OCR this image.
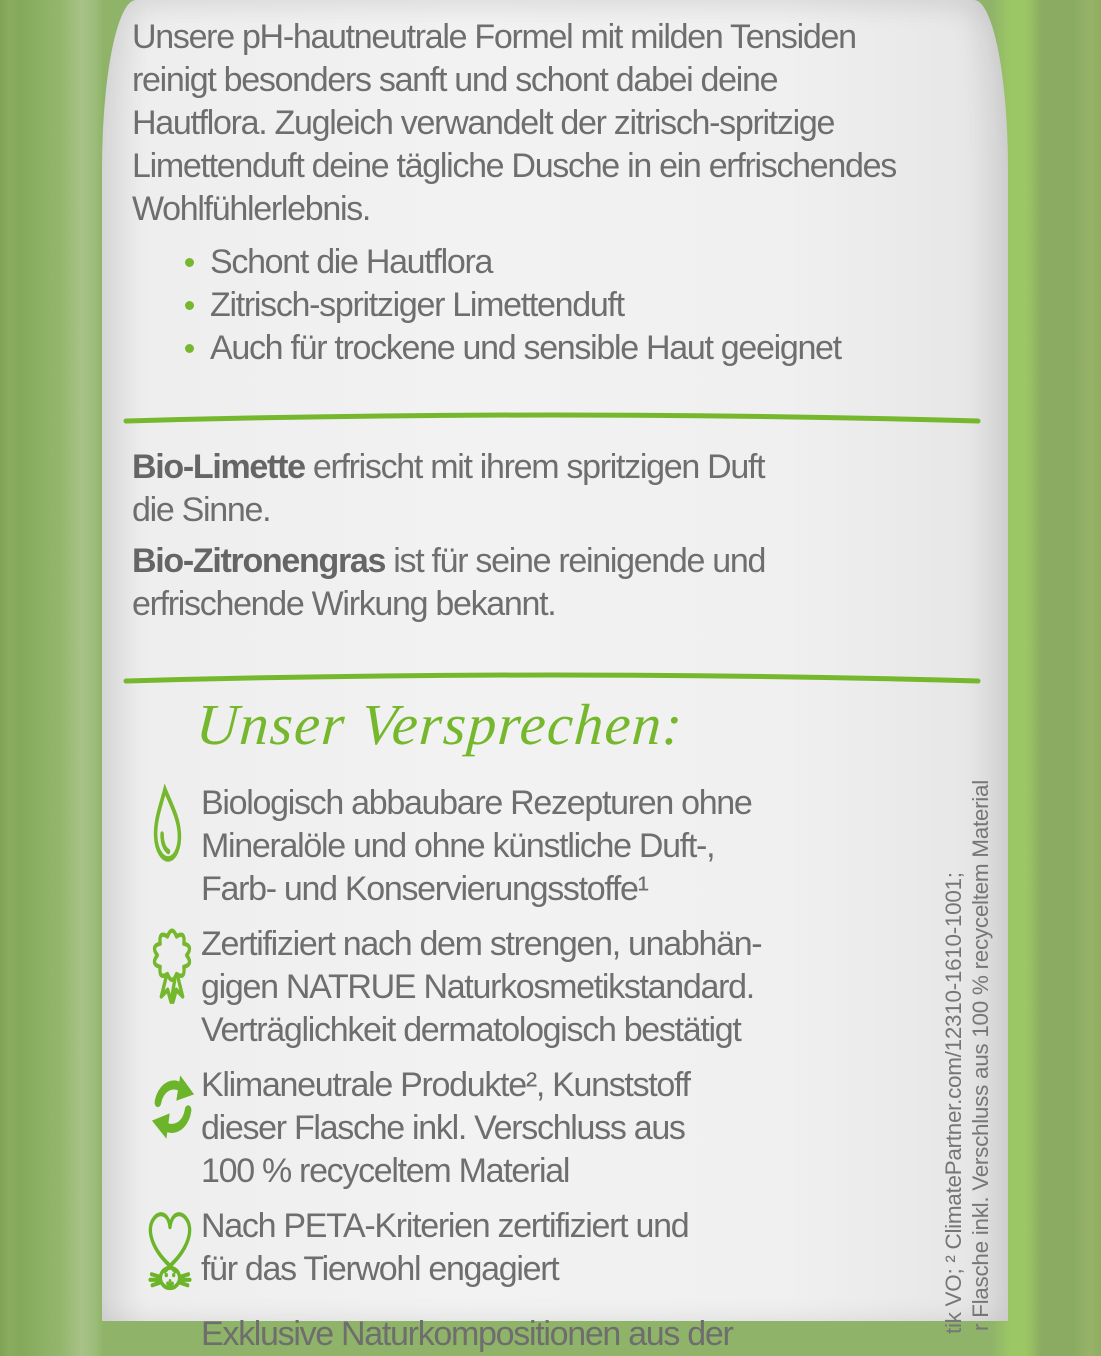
Unsere pH-hautneutrale Formel mit milden Tensiden
reinigt besonders sanft und schont dabei deine
Hautflora. Zugleich verwandelt der zitrisch-spritzige
Limettenduft deine tägliche Dusche in ein erfrischendes
Wohlfühlerlebnis.
Schont die Hautflora
Zitrisch-spritziger Limettenduft
Auch für trockene und sensible Haut geeignet
Bio-Limette erfrischt mit ihrem spritzigen Duft
die Sinne.
Bio-Zitronengras ist für seine reinigende und
erfrischende Wirkung bekannt.
Unser Versprechen:
Biologisch abbaubare Rezepturen ohne
Mineralöle und ohne künstliche Duft-,
Farb- und Konservierungsstoffe¹
Zertifiziert nach dem strengen, unabhän-
gigen NATRUE Naturkosmetikstandard.
Verträglichkeit dermatologisch bestätigt
Klimaneutrale Produkte², Kunststoff
dieser Flasche inkl. Verschluss aus
100 % recyceltem Material
Nach PETA-Kriterien zertifiziert und
für das Tierwohl engagiert
Exklusive Naturkompositionen aus der	tik VO; ² ClimatePartner.com/12310-1610-1001; r Flasche inkl. Verschluss aus 100 % recyceltem Material
